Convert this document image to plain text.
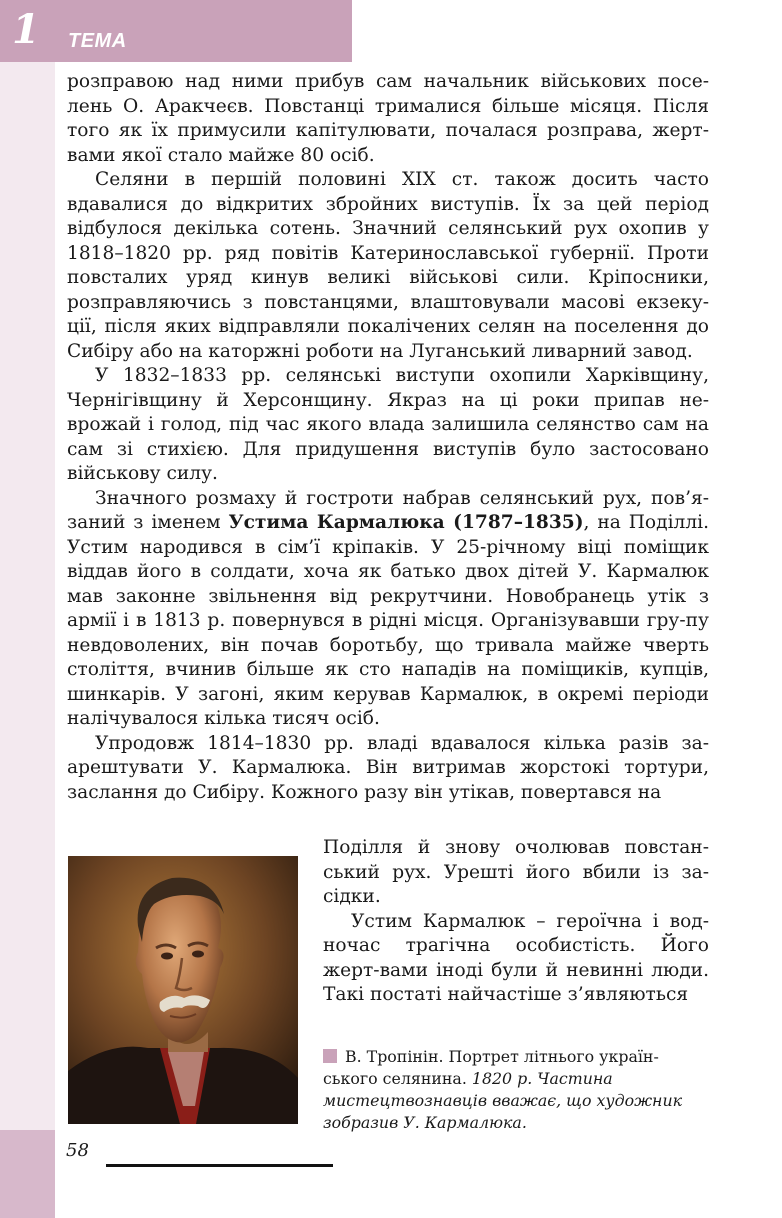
1 ТЕМА

розправою над ними прибув сам начальник військових посе-лень О. Аракчеєв. Повстанці трималися більше місяця. Після того як їх примусили капітулювати, почалася розправа, жерт-вами якої стало майже 80 осіб.

Селяни в першій половині XIX ст. також досить часто вдавалися до відкритих збройних виступів. Їх за цей період відбулося декілька сотень. Значний селянський рух охопив у 1818–1820 рр. ряд повітів Катеринославської губернії. Проти повсталих уряд кинув великі військові сили. Кріпосники, розправляючись з повстанцями, влаштовували масові екзеку-ції, після яких відправляли покалічених селян на поселення до Сибіру або на каторжні роботи на Луганський ливарний завод.

У 1832–1833 рр. селянські виступи охопили Харківщину, Чернігівщину й Херсонщину. Якраз на ці роки припав не-врожай і голод, під час якого влада залишила селянство сам на сам зі стихією. Для придушення виступів було застосовано військову силу.

Значного розмаху й гостроти набрав селянський рух, пов’я-заний з іменем Устима Кармалюка (1787–1835), на Поділлі. Устим народився в сім’ї кріпаків. У 25-річному віці поміщик віддав його в солдати, хоча як батько двох дітей У. Кармалюк мав законне звільнення від рекрутчини. Новобранець утік з армії і в 1813 р. повернувся в рідні місця. Організувавши гру-пу невдоволених, він почав боротьбу, що тривала майже чверть століття, вчинив більше як сто нападів на поміщиків, купців, шинкарів. У загоні, яким керував Кармалюк, в окремі періоди налічувалося кілька тисяч осіб.

Упродовж 1814–1830 рр. владі вдавалося кілька разів за-арештувати У. Кармалюка. Він витримав жорстокі тортури, заслання до Сибіру. Кожного разу він утікав, повертався на

Поділля й знову очолював повстан-ський рух. Урешті його вбили із за-сідки.

Устим Кармалюк – героїчна і вод-ночас трагічна особистість. Його жерт-вами іноді були й невинні люди. Такі постаті найчастіше з’являються

В. Тропінін. Портрет літнього україн-ського селянина. 1820 р. Частина мистецтвознавців вважає, що художник зобразив У. Кармалюка.
58
